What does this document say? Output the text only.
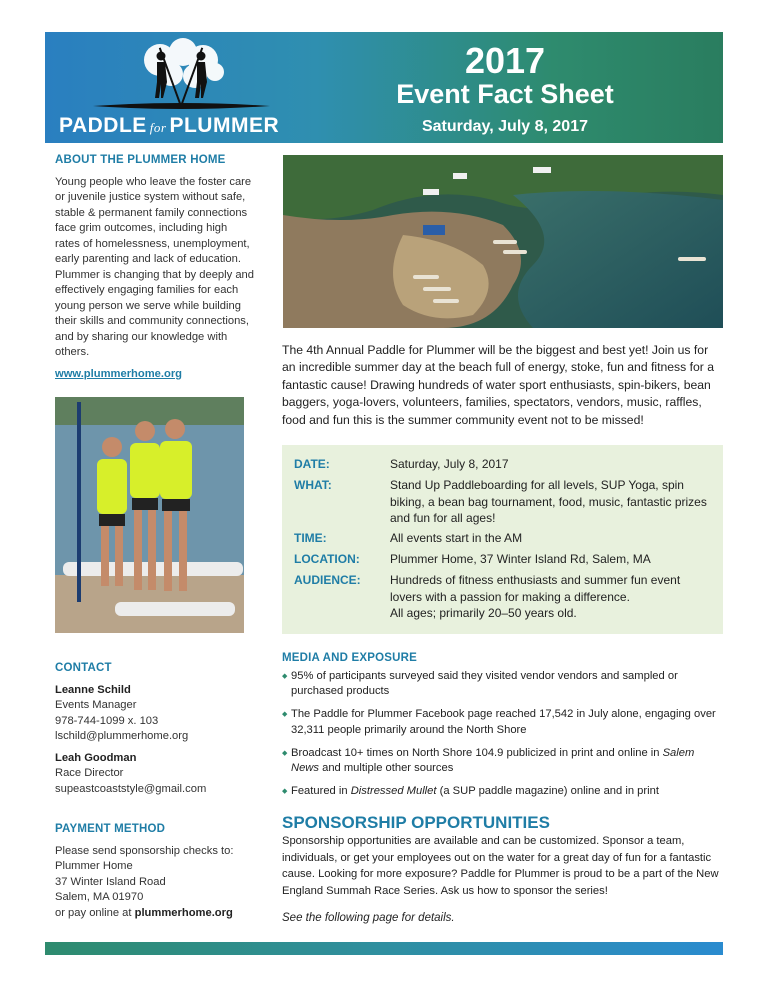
PADDLE for PLUMMER
2017
Event Fact Sheet
Saturday, July 8, 2017
ABOUT THE PLUMMER HOME
Young people who leave the foster care or juvenile justice system without safe, stable & permanent family connections face grim outcomes, including high rates of homelessness, unemployment, early parenting and lack of education. Plummer is changing that by deeply and effectively engaging families for each young person we serve while building their skills and community connections, and by sharing our knowledge with others.
www.plummerhome.org
The 4th Annual Paddle for Plummer will be the biggest and best yet! Join us for an incredible summer day at the beach full of energy, stoke, fun and fitness for a fantastic cause! Drawing hundreds of water sport enthusiasts, spin-bikers, bean baggers, yoga-lovers, volunteers, families, spectators, vendors, music, raffles, food and fun this is the summer community event not to be missed!
DATE:	Saturday, July 8, 2017
WHAT:	Stand Up Paddleboarding for all levels, SUP Yoga, spin biking, a bean bag tournament, food, music, fantastic prizes and fun for all ages!
TIME:	All events start in the AM
LOCATION:	Plummer Home, 37 Winter Island Rd, Salem, MA
AUDIENCE:	Hundreds of fitness enthusiasts and summer fun event lovers with a passion for making a difference.
All ages; primarily 20–50 years old.
CONTACT
Leanne Schild
Events Manager
978-744-1099 x. 103
lschild@plummerhome.org
Leah Goodman
Race Director
supeastcoaststyle@gmail.com
PAYMENT METHOD
Please send sponsorship checks to:
Plummer Home
37 Winter Island Road
Salem, MA 01970
or pay online at plummerhome.org
MEDIA AND EXPOSURE
◆ 95% of participants surveyed said they visited vendor vendors and sampled or purchased products
◆ The Paddle for Plummer Facebook page reached 17,542 in July alone, engaging over 32,311 people primarily around the North Shore
◆ Broadcast 10+ times on North Shore 104.9 publicized in print and online in Salem News and multiple other sources
◆ Featured in Distressed Mullet (a SUP paddle magazine) online and in print
SPONSORSHIP OPPORTUNITIES
Sponsorship opportunities are available and can be customized. Sponsor a team, individuals, or get your employees out on the water for a great day of fun for a fantastic cause. Looking for more exposure? Paddle for Plummer is proud to be a part of the New England Summah Race Series. Ask us how to sponsor the series!
See the following page for details.
